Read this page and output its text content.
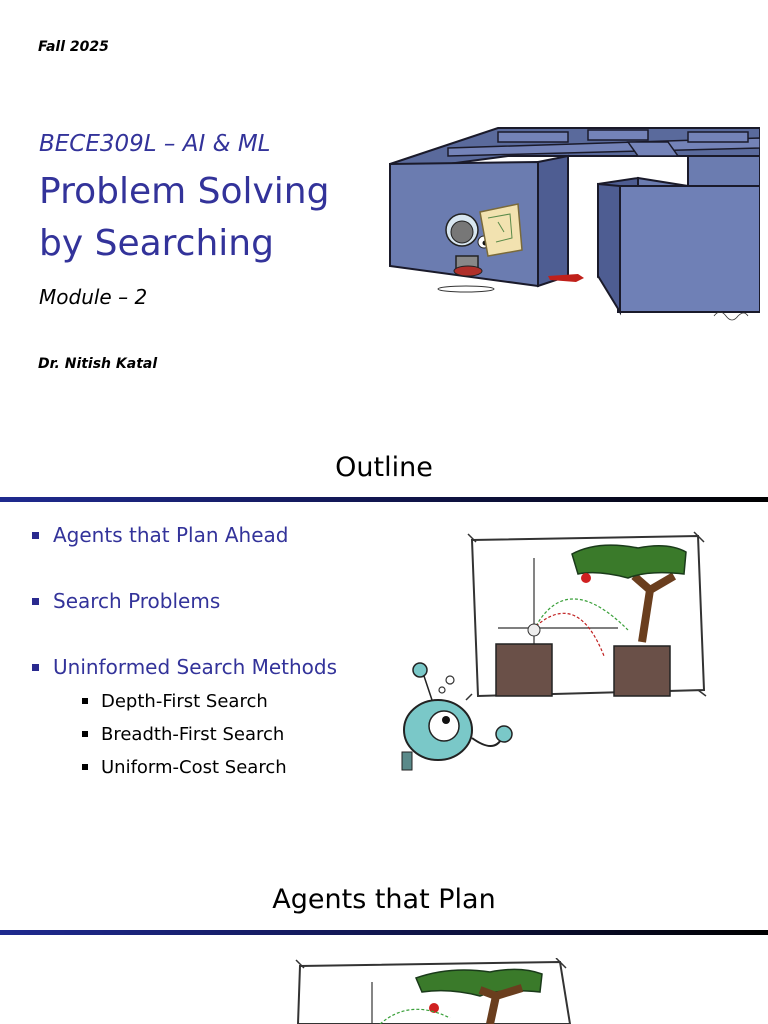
Fall 2025
BECE309L – AI & ML
Problem Solving
by Searching
Module – 2
Dr. Nitish Katal
Outline
Agents that Plan Ahead
Search Problems
Uninformed Search Methods
Depth-First Search
Breadth-First Search
Uniform-Cost Search
Agents that Plan
